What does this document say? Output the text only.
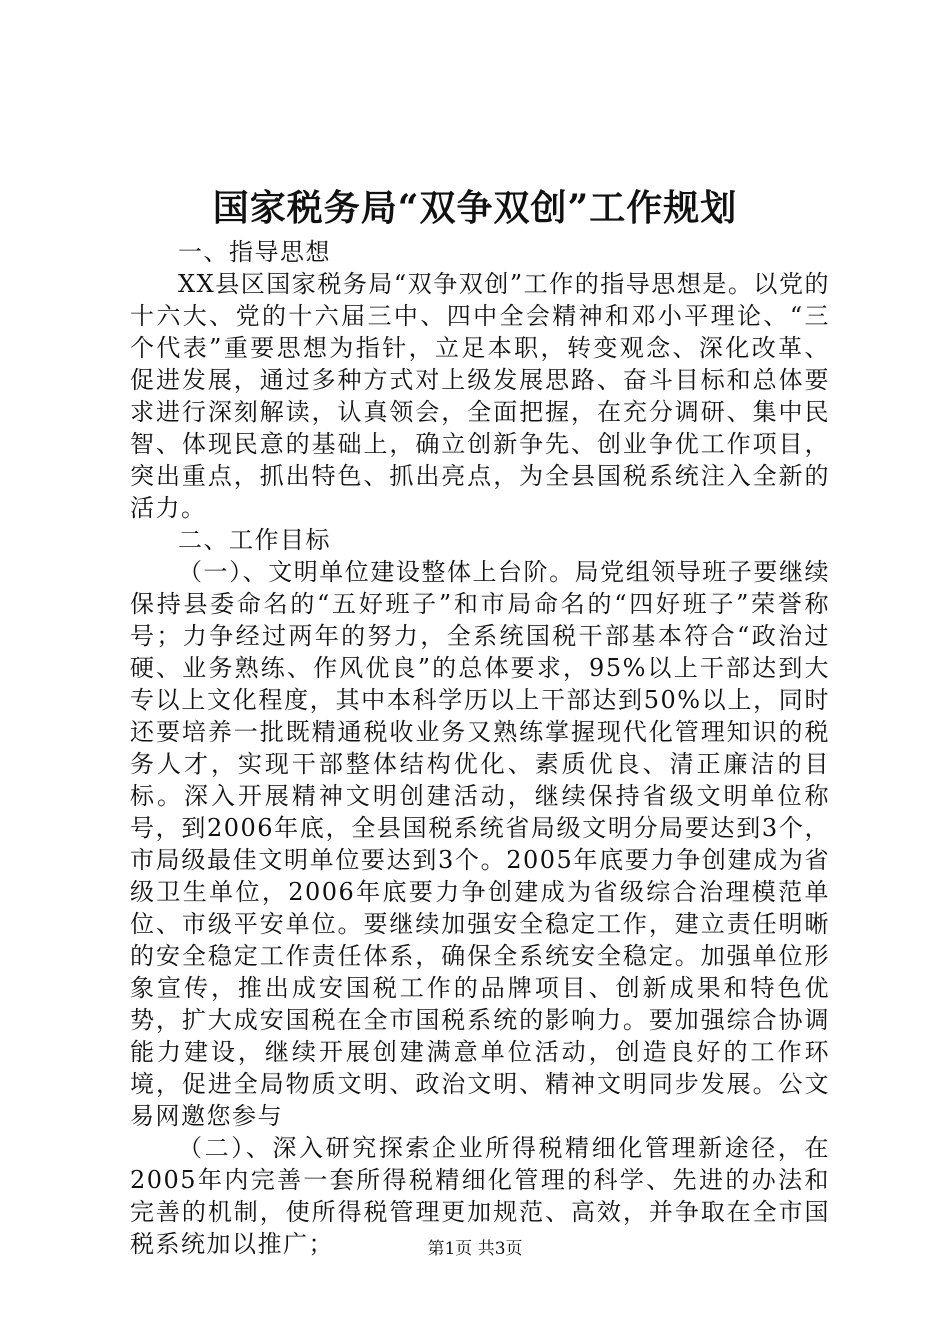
国家税务局“双争双创”工作规划

一、指导思想

XX县区国家税务局“双争双创”工作的指导思想是。以党的十六大、党的十六届三中、四中全会精神和邓小平理论、“三个代表”重要思想为指针，立足本职，转变观念、深化改革、促进发展，通过多种方式对上级发展思路、奋斗目标和总体要求进行深刻解读，认真领会，全面把握，在充分调研、集中民智、体现民意的基础上，确立创新争先、创业争优工作项目，突出重点，抓出特色、抓出亮点，为全县国税系统注入全新的活力。

二、工作目标

（一）、文明单位建设整体上台阶。局党组领导班子要继续保持县委命名的“五好班子”和市局命名的“四好班子”荣誉称号；力争经过两年的努力，全系统国税干部基本符合“政治过硬、业务熟练、作风优良”的总体要求，95%以上干部达到大专以上文化程度，其中本科学历以上干部达到50%以上，同时还要培养一批既精通税收业务又熟练掌握现代化管理知识的税务人才，实现干部整体结构优化、素质优良、清正廉洁的目标。深入开展精神文明创建活动，继续保持省级文明单位称号，到2006年底，全县国税系统省局级文明分局要达到3个，市局级最佳文明单位要达到3个。2005年底要力争创建成为省级卫生单位，2006年底要力争创建成为省级综合治理模范单位、市级平安单位。要继续加强安全稳定工作，建立责任明晰的安全稳定工作责任体系，确保全系统安全稳定。加强单位形象宣传，推出成安国税工作的品牌项目、创新成果和特色优势，扩大成安国税在全市国税系统的影响力。要加强综合协调能力建设，继续开展创建满意单位活动，创造良好的工作环境，促进全局物质文明、政治文明、精神文明同步发展。公文易网邀您参与

（二）、深入研究探索企业所得税精细化管理新途径，在2005年内完善一套所得税精细化管理的科学、先进的办法和完善的机制，使所得税管理更加规范、高效，并争取在全市国税系统加以推广；	第1页 共3页
